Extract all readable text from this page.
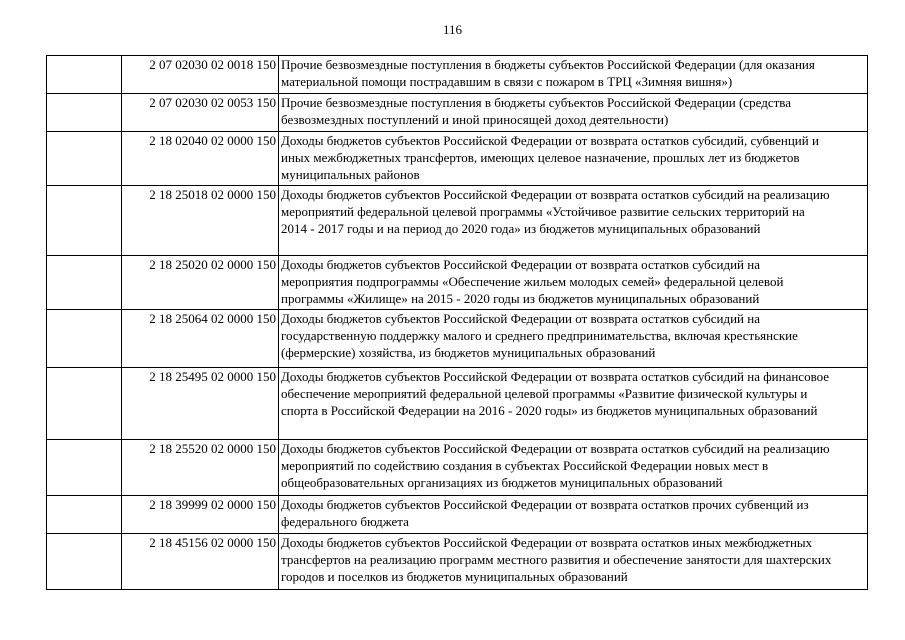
116
	2 07 02030 02 0018 150	Прочие безвозмездные поступления в бюджеты субъектов Российской Федерации (для оказания
материальной помощи пострадавшим в связи с пожаром в ТРЦ «Зимняя вишня»)

	2 07 02030 02 0053 150	Прочие безвозмездные поступления в бюджеты субъектов Российской Федерации (средства
безвозмездных поступлений и иной приносящей доход деятельности)

	2 18 02040 02 0000 150	Доходы бюджетов субъектов Российской Федерации от возврата остатков субсидий, субвенций и
иных межбюджетных трансфертов, имеющих целевое назначение, прошлых лет из бюджетов
муниципальных районов

	2 18 25018 02 0000 150	Доходы бюджетов субъектов Российской Федерации от возврата остатков субсидий на реализацию
мероприятий федеральной целевой программы «Устойчивое развитие сельских территорий на
2014 - 2017 годы и на период до 2020 года» из бюджетов муниципальных образований

	2 18 25020 02 0000 150	Доходы бюджетов субъектов Российской Федерации от возврата остатков субсидий на
мероприятия подпрограммы «Обеспечение жильем молодых семей» федеральной целевой
программы «Жилище» на 2015 - 2020 годы из бюджетов муниципальных образований

	2 18 25064 02 0000 150	Доходы бюджетов субъектов Российской Федерации от возврата остатков субсидий на
государственную поддержку малого и среднего предпринимательства, включая крестьянские
(фермерские) хозяйства, из бюджетов муниципальных образований

	2 18 25495 02 0000 150	Доходы бюджетов субъектов Российской Федерации от возврата остатков субсидий на финансовое
обеспечение мероприятий федеральной целевой программы «Развитие физической культуры и
спорта в Российской Федерации на 2016 - 2020 годы» из бюджетов муниципальных образований

	2 18 25520 02 0000 150	Доходы бюджетов субъектов Российской Федерации от возврата остатков субсидий на реализацию
мероприятий по содействию создания в субъектах Российской Федерации новых мест в
общеобразовательных организациях из бюджетов муниципальных образований

	2 18 39999 02 0000 150	Доходы бюджетов субъектов Российской Федерации от возврата остатков прочих субвенций из
федерального бюджета

	2 18 45156 02 0000 150	Доходы бюджетов субъектов Российской Федерации от возврата остатков иных межбюджетных
трансфертов на реализацию программ местного развития и обеспечение занятости для шахтерских
городов и поселков из бюджетов муниципальных образований
